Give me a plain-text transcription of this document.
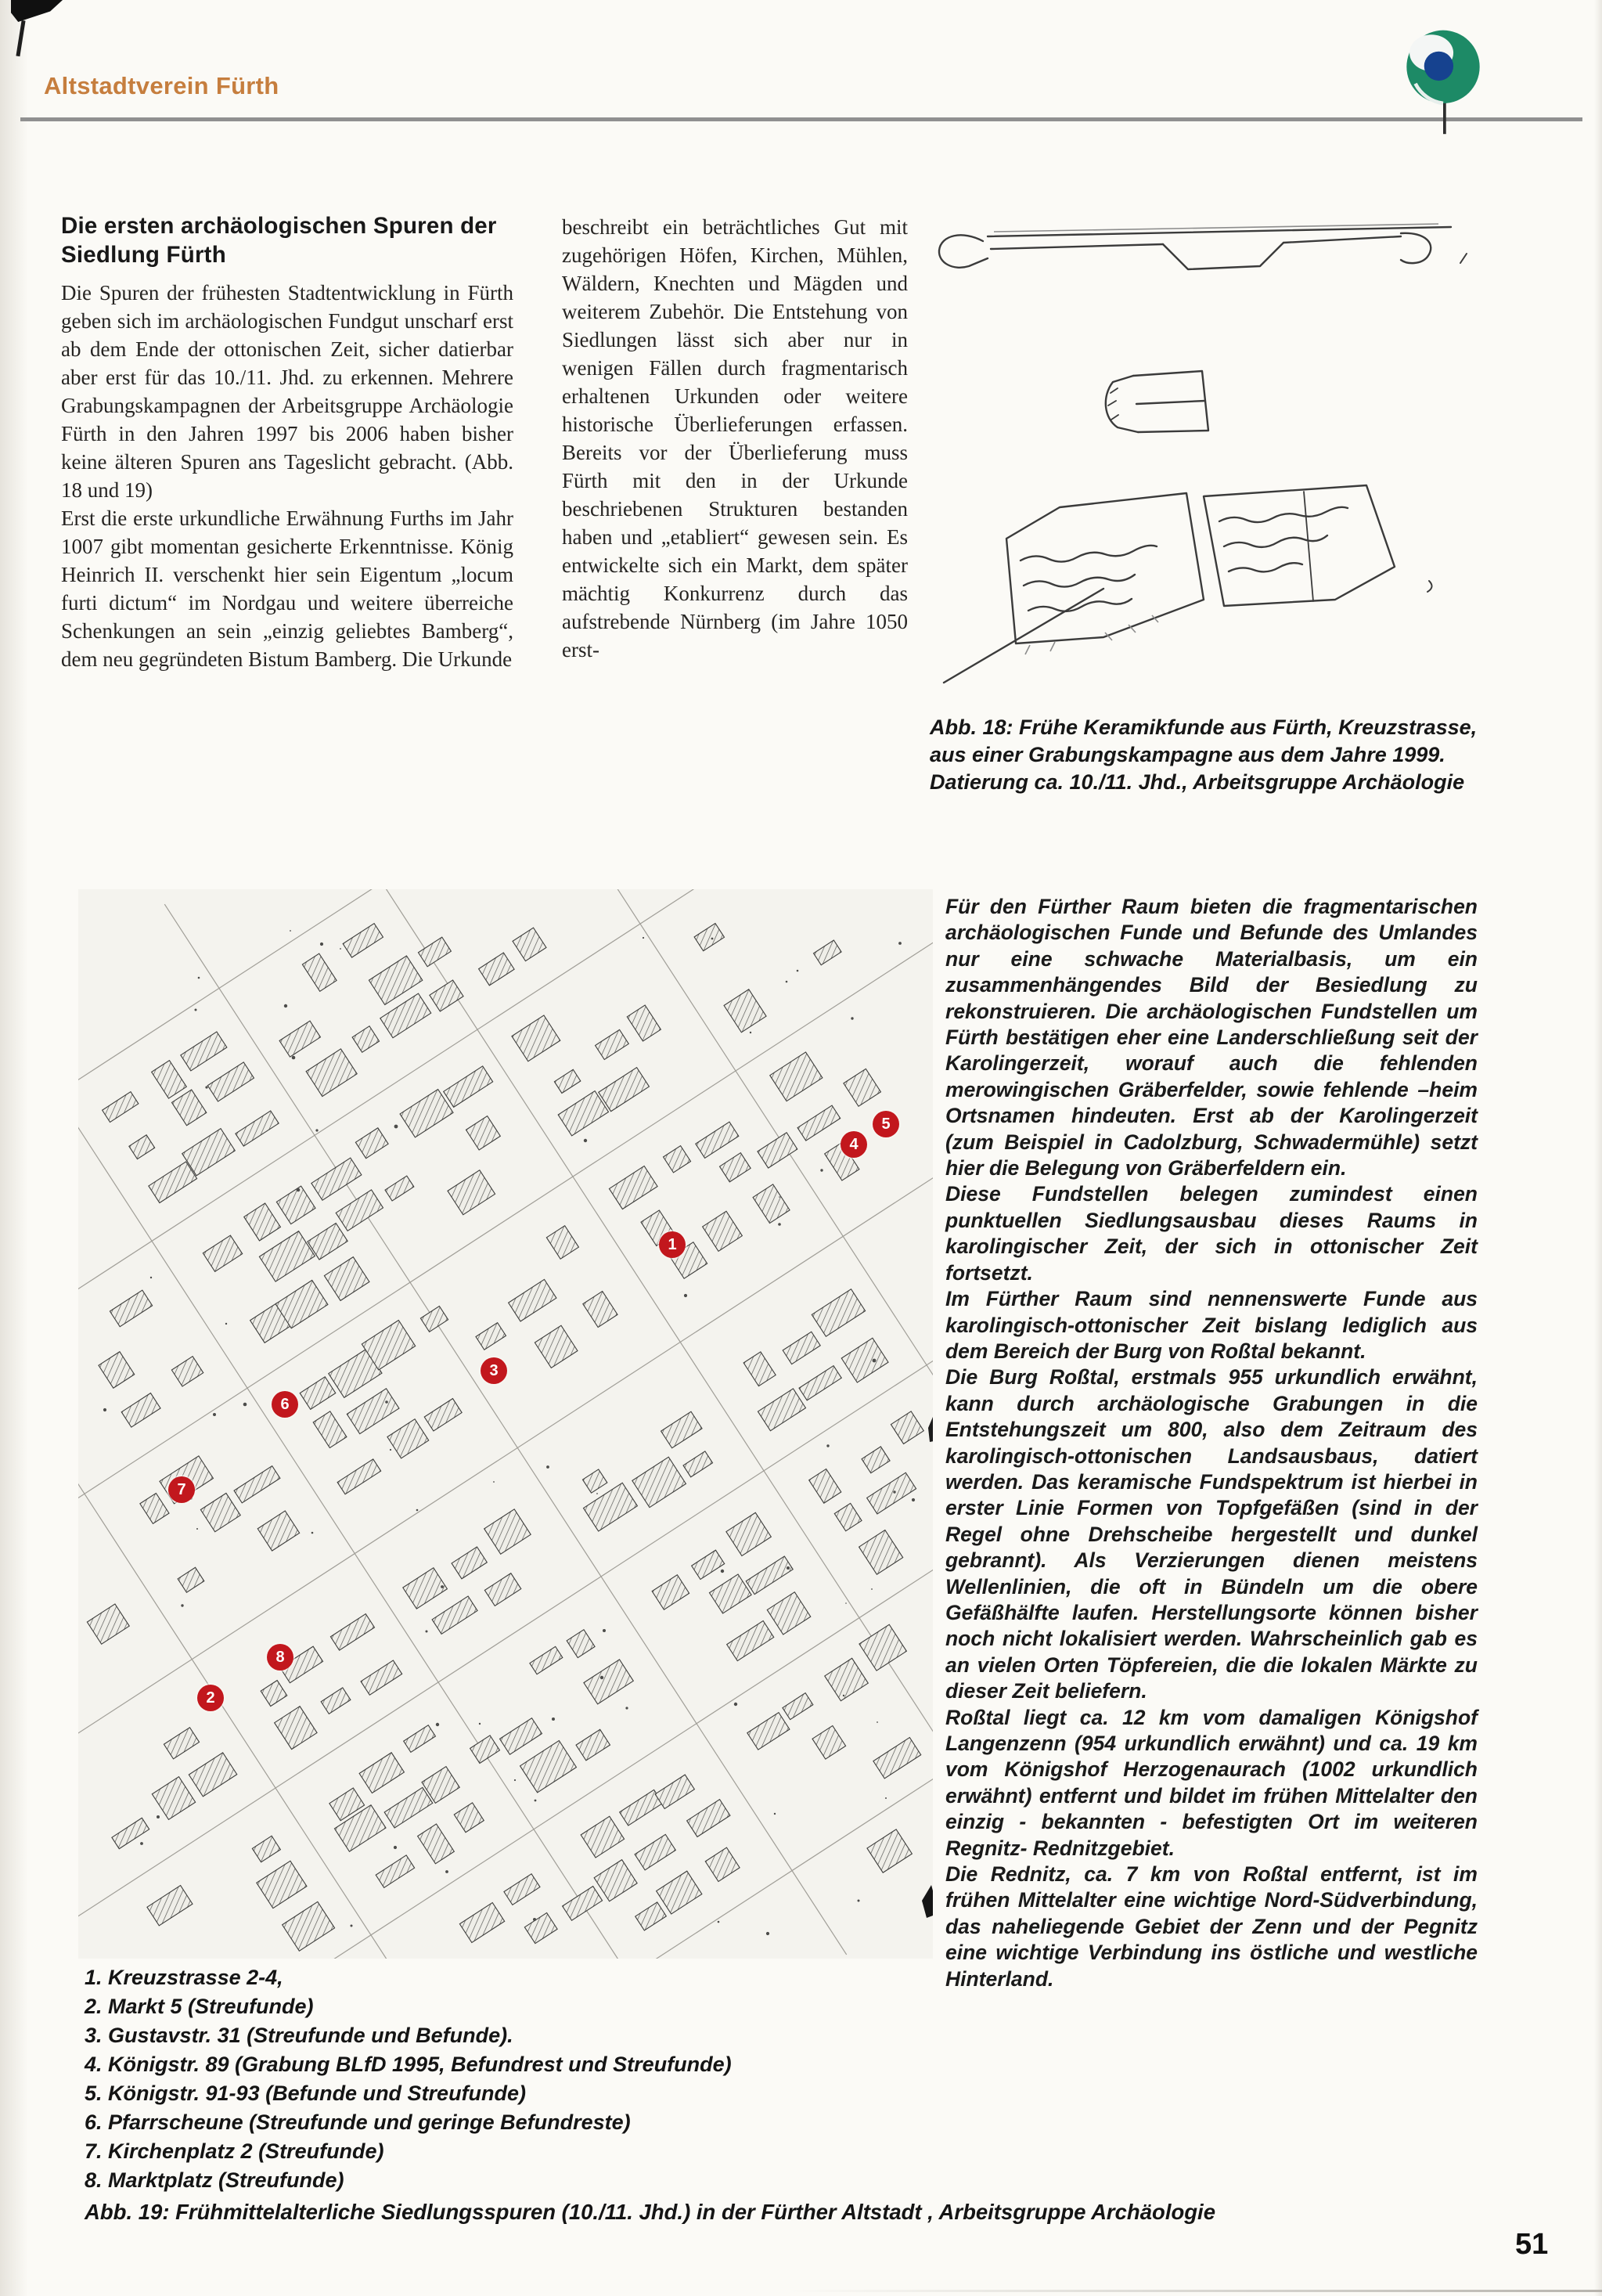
Altstadtverein Fürth
Die ersten archäologischen Spuren der Siedlung Fürth

Die Spuren der frühesten Stadtentwicklung in Fürth geben sich im archäologischen Fundgut unscharf erst ab dem Ende der ottonischen Zeit, sicher datierbar aber erst für das 10./11. Jhd. zu erkennen. Mehrere Grabungskampagnen der Arbeitsgruppe Archäologie Fürth in den Jahren 1997 bis 2006 haben bisher keine älteren Spuren ans Tageslicht gebracht. (Abb. 18 und 19)

Erst die erste urkundliche Erwähnung Furths im Jahr 1007 gibt momentan gesicherte Erkenntnisse. König Heinrich II. verschenkt hier sein Eigentum „locum furti dictum“ im Nordgau und weitere überreiche Schenkungen an sein „einzig geliebtes Bamberg“, dem neu gegründeten Bistum Bamberg. Die Urkunde

beschreibt ein beträchtliches Gut mit zugehörigen Höfen, Kirchen, Mühlen, Wäldern, Knechten und Mägden und weiterem Zubehör. Die Entstehung von Siedlungen lässt sich aber nur in wenigen Fällen durch fragmentarisch erhaltenen Urkunden oder weitere historische Überlieferungen erfassen. Bereits vor der Überlieferung muss Fürth mit den in der Urkunde beschriebenen Strukturen bestanden haben und „etabliert“ gewesen sein. Es entwickelte sich ein Markt, dem später mächtig Konkurrenz durch das aufstrebende Nürnberg (im Jahre 1050 erst-

Abb. 18: Frühe Keramikfunde aus Fürth, Kreuzstrasse, aus einer Grabungskampagne aus dem Jahre 1999. Datierung ca. 10./11. Jhd., Arbeitsgruppe Archäologie
1
2
3
4
5
6
7
8

Für den Fürther Raum bieten die fragmentarischen archäologischen Funde und Befunde des Umlandes nur eine schwache Materialbasis, um ein zusammenhängendes Bild der Besiedlung zu rekonstruieren. Die archäologischen Fundstellen um Fürth bestätigen eher eine Landerschließung seit der Karolingerzeit, worauf auch die fehlenden merowingischen Gräberfelder, sowie fehlende –heim Ortsnamen hindeuten. Erst ab der Karolingerzeit (zum Beispiel in Cadolzburg, Schwadermühle) setzt hier die Belegung von Gräberfeldern ein.

Diese Fundstellen belegen zumindest einen punktuellen Siedlungsausbau dieses Raums in karolingischer Zeit, der sich in ottonischer Zeit fortsetzt.

Im Fürther Raum sind nennenswerte Funde aus karolingisch-ottonischer Zeit bislang lediglich aus dem Bereich der Burg von Roßtal bekannt.

Die Burg Roßtal, erstmals 955 urkundlich erwähnt, kann durch archäologische Grabungen in die Entstehungszeit um 800, also dem Zeitraum des karolingisch-ottonischen Landsausbaus, datiert werden. Das keramische Fundspektrum ist hierbei in erster Linie Formen von Topfgefäßen (sind in der Regel ohne Drehscheibe hergestellt und dunkel gebrannt). Als Verzierungen dienen meistens Wellenlinien, die oft in Bündeln um die obere Gefäßhälfte laufen. Herstellungsorte können bisher noch nicht lokalisiert werden. Wahrscheinlich gab es an vielen Orten Töpfereien, die die lokalen Märkte zu dieser Zeit beliefern.

Roßtal liegt ca. 12 km vom damaligen Königshof Langenzenn (954 urkundlich erwähnt) und ca. 19 km vom Königshof Herzogenaurach (1002 urkundlich erwähnt) entfernt und bildet im frühen Mittelalter den einzig - bekannten - befestigten Ort im weiteren Regnitz- Rednitzgebiet.

Die Rednitz, ca. 7 km von Roßtal entfernt, ist im frühen Mittelalter eine wichtige Nord-Südverbindung, das naheliegende Gebiet der Zenn und der Pegnitz eine wichtige Verbindung ins östliche und westliche Hinterland.

1. Kreuzstrasse 2-4,
2. Markt 5 (Streufunde)
3. Gustavstr. 31 (Streufunde und Befunde).
4. Königstr. 89 (Grabung BLfD 1995, Befundrest und Streufunde)
5. Königstr. 91-93 (Befunde und Streufunde)
6. Pfarrscheune (Streufunde und geringe Befundreste)
7. Kirchenplatz 2 (Streufunde)
8. Marktplatz (Streufunde)
Abb. 19: Frühmittelalterliche Siedlungsspuren (10./11. Jhd.) in der Fürther Altstadt , Arbeitsgruppe Archäologie
51
